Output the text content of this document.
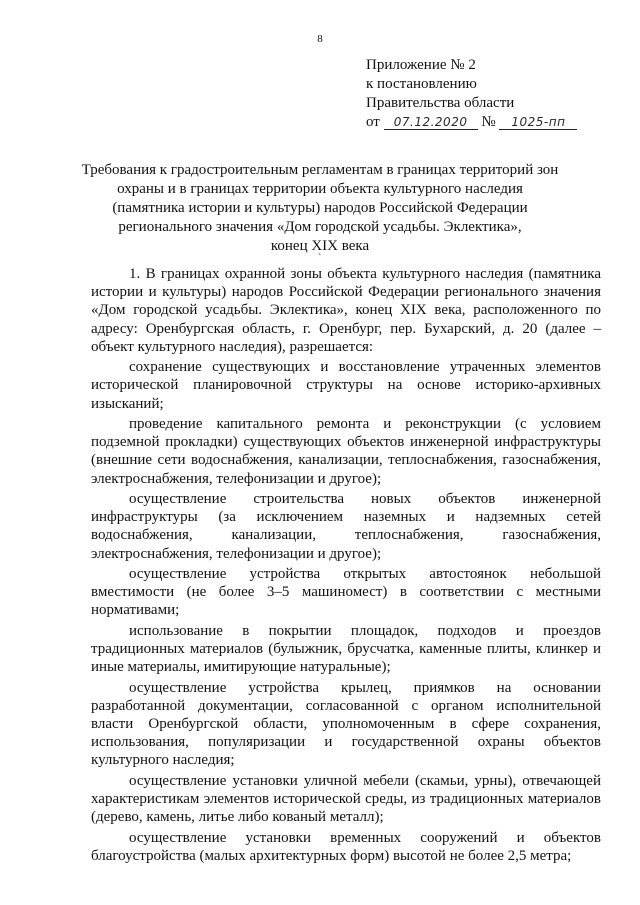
8
Приложение № 2
к постановлению
Правительства области
от 07.12.2020 № 1025-пп
Требования к градостроительным регламентам в границах территорий зон
охраны и в границах территории объекта культурного наследия
(памятника истории и культуры) народов Российской Федерации
регионального значения «Дом городской усадьбы. Эклектика»,
конец XIX века
`

1. В границах охранной зоны объекта культурного наследия (памятника истории и культуры) народов Российской Федерации регионального значения «Дом городской усадьбы. Эклектика», конец XIX века, расположенного по адресу: Оренбургская область, г. Оренбург, пер. Бухарский, д. 20 (далее – объект культурного наследия), разрешается:

сохранение существующих и восстановление утраченных элементов исторической планировочной структуры на основе историко-архивных изысканий;

проведение капитального ремонта и реконструкции (с условием подземной прокладки) существующих объектов инженерной инфраструктуры (внешние сети водоснабжения, канализации, теплоснабжения, газоснабжения, электроснабжения, телефонизации и другое);

осуществление строительства новых объектов инженерной инфраструктуры (за исключением наземных и надземных сетей водоснабжения, канализации, теплоснабжения, газоснабжения, электроснабжения, телефонизации и другое);

осуществление устройства открытых автостоянок небольшой вместимости (не более 3–5 машиномест) в соответствии с местными нормативами;

использование в покрытии площадок, подходов и проездов традиционных материалов (булыжник, брусчатка, каменные плиты, клинкер и иные материалы, имитирующие натуральные);

осуществление устройства крылец, приямков на основании разработанной документации, согласованной с органом исполнительной власти Оренбургской области, уполномоченным в сфере сохранения, использования, популяризации и государственной охраны объектов культурного наследия;

осуществление установки уличной мебели (скамьи, урны), отвечающей характеристикам элементов исторической среды, из традиционных материалов (дерево, камень, литье либо кованый металл);

осуществление установки временных сооружений и объектов благоустройства (малых архитектурных форм) высотой не более 2,5 метра;
